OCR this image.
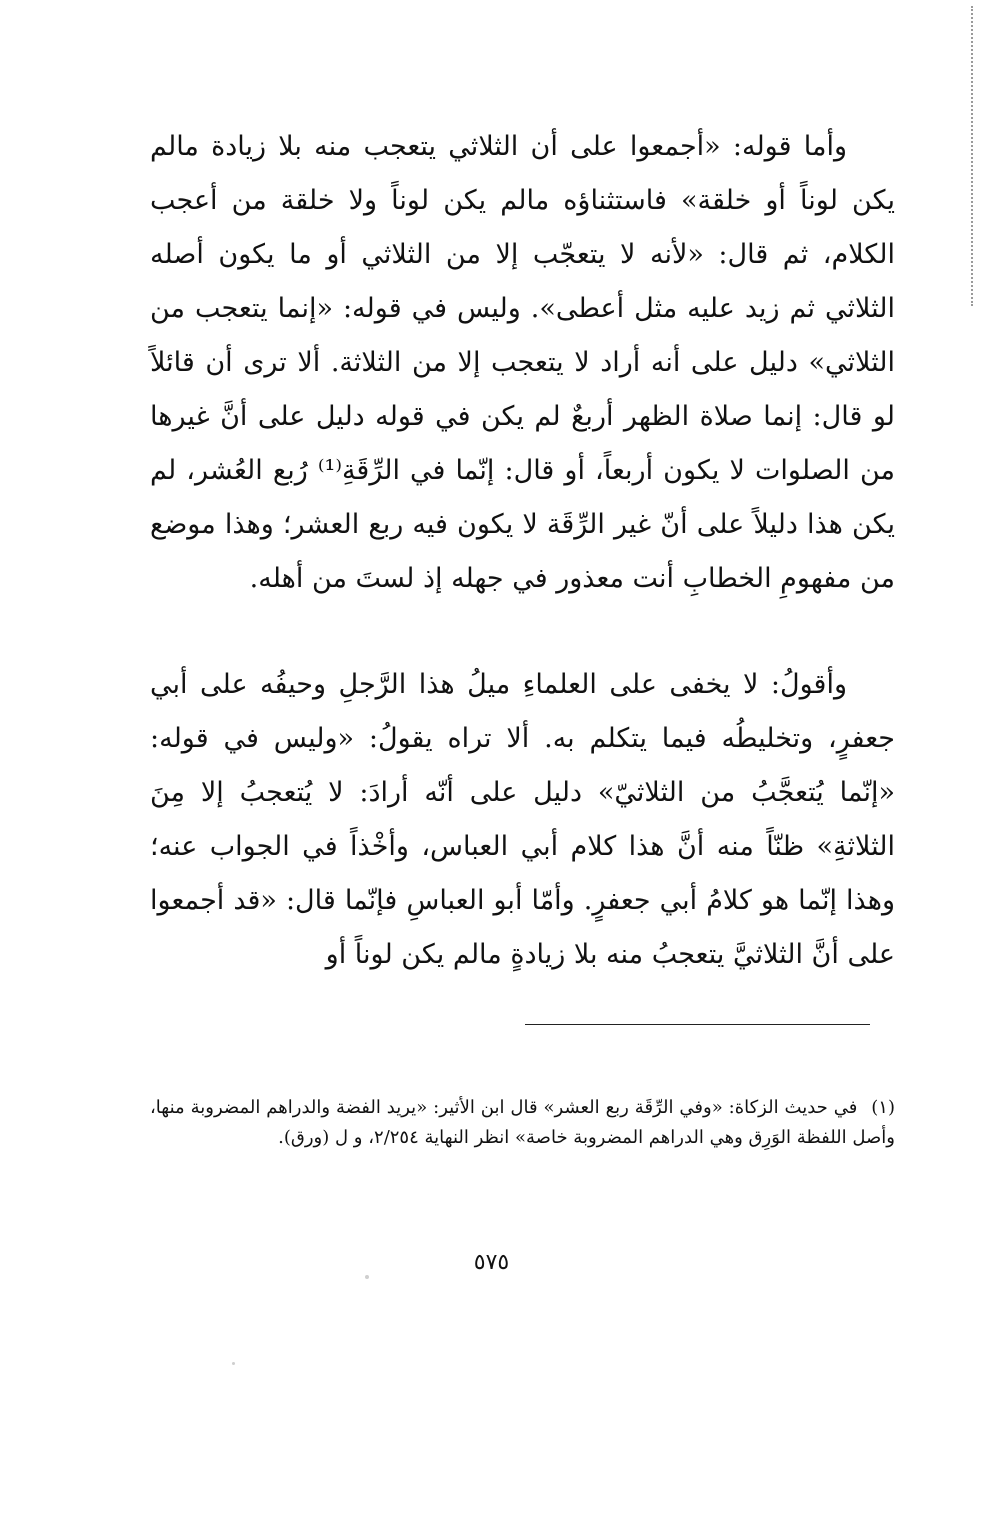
وأما قوله: «أجمعوا على أن الثلاثي يتعجب منه بلا زيادة مالم يكن لوناً أو خلقة» فاستثناؤه مالم يكن لوناً ولا خلقة من أعجب الكلام، ثم قال: «لأنه لا يتعجّب إلا من الثلاثي أو ما يكون أصله الثلاثي ثم زيد عليه مثل أعطى». وليس في قوله: «إنما يتعجب من الثلاثي» دليل على أنه أراد لا يتعجب إلا من الثلاثة. ألا ترى أن قائلاً لو قال: إنما صلاة الظهر أربعٌ لم يكن في قوله دليل على أنَّ غيرها من الصلوات لا يكون أربعاً، أو قال: إنّما في الرِّقَةِ⁽¹⁾ رُبع العُشر، لم يكن هذا دليلاً على أنّ غير الرِّقَة لا يكون فيه ربع العشر؛ وهذا موضع من مفهومِ الخطابِ أنت معذور في جهله إذ لستَ من أهله.

وأقولُ: لا يخفى على العلماءِ ميلُ هذا الرَّجلِ وحيفُه على أبي جعفرٍ، وتخليطُه فيما يتكلم به. ألا تراه يقولُ: «وليس في قوله: «إنّما يُتعجَّبُ من الثلاثيّ» دليل على أنّه أرادَ: لا يُتعجبُ إلا مِنَ الثلاثةِ» ظنّاً منه أنَّ هذا كلام أبي العباس، وأخْذاً في الجواب عنه؛ وهذا إنّما هو كلامُ أبي جعفرٍ. وأمّا أبو العباسِ فإنّما قال: «قد أجمعوا على أنَّ الثلاثيَّ يتعجبُ منه بلا زيادةٍ مالم يكن لوناً أو

(١) في حديث الزكاة: «وفي الرِّقَة ربع العشر» قال ابن الأثير: «يريد الفضة والدراهم المضروبة منها، وأصل اللفظة الوَرِق وهي الدراهم المضروبة خاصة» انظر النهاية ٢/٢٥٤، و ل (ورق).

٥٧٥
